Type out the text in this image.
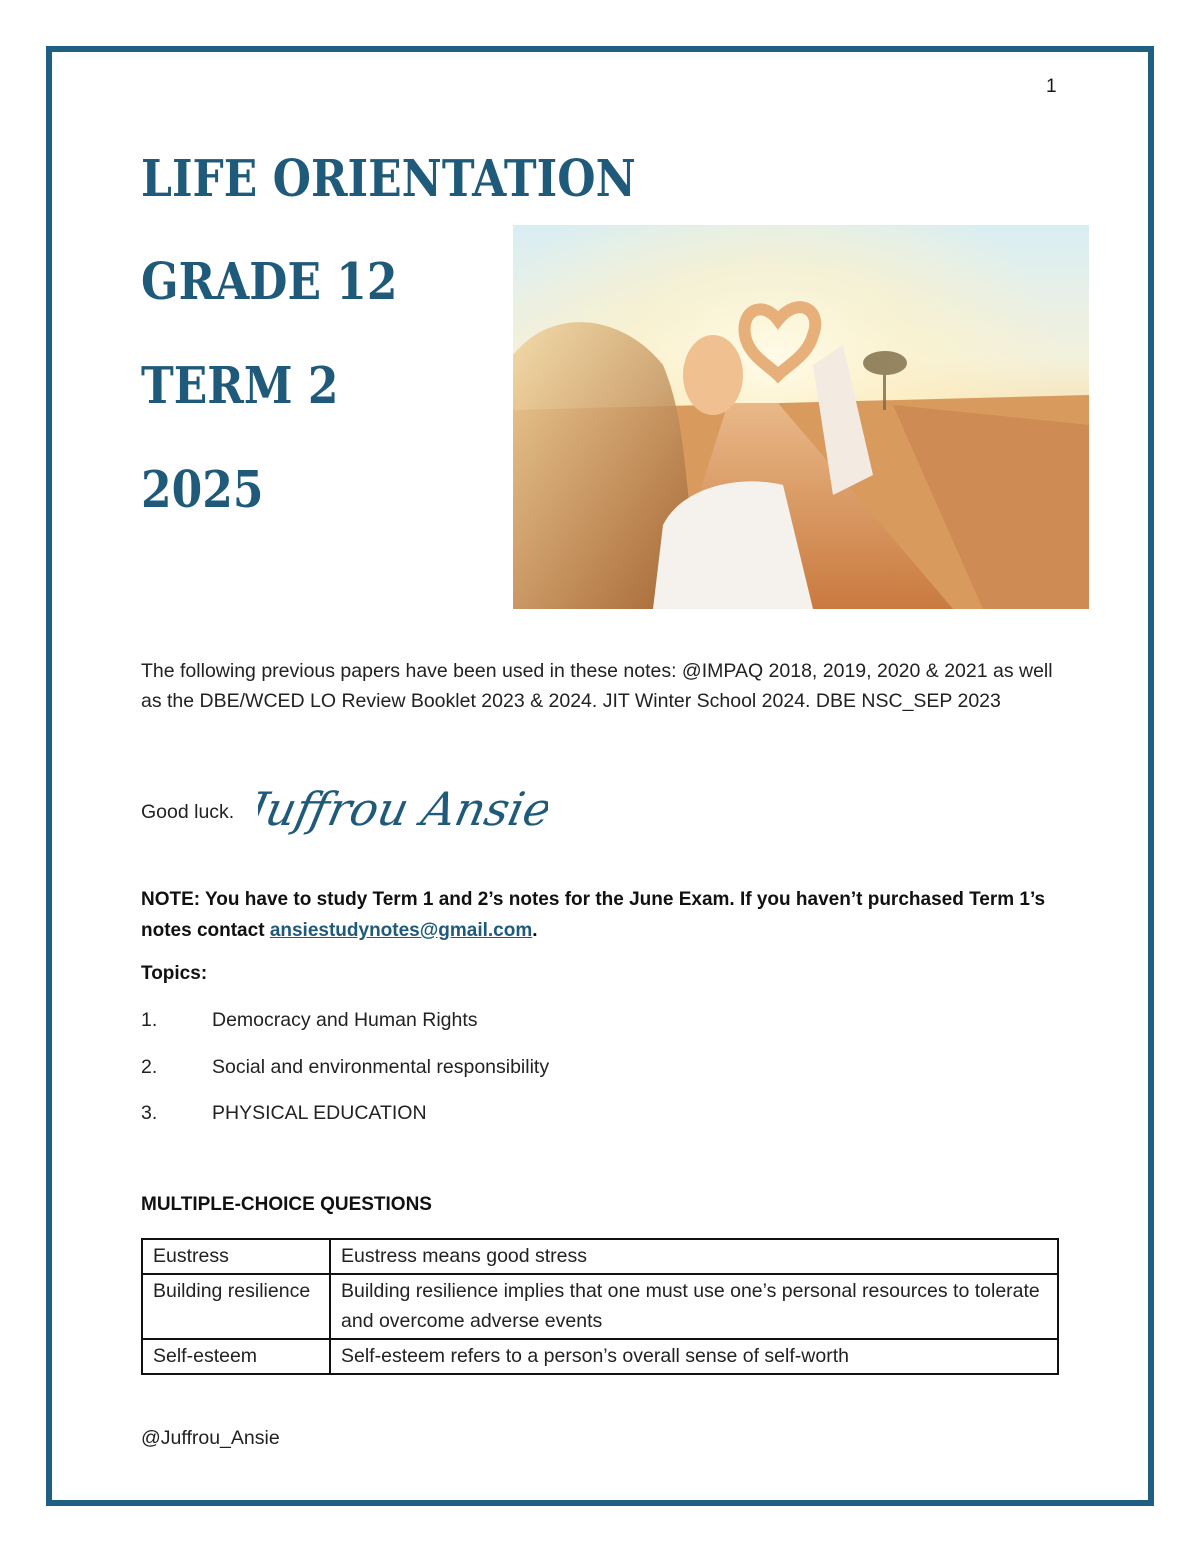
1
LIFE ORIENTATION
GRADE 12
TERM 2
2025
The following previous papers have been used in these notes: @IMPAQ 2018, 2019, 2020 & 2021 as well as the DBE/WCED LO Review Booklet 2023 & 2024. JIT Winter School 2024. DBE NSC_SEP 2023
Good luck. Juffrou Ansie
NOTE: You have to study Term 1 and 2’s notes for the June Exam. If you haven’t purchased Term 1’s notes contact ansiestudynotes@gmail.com.
Topics:
1.	Democracy and Human Rights
2.	Social and environmental responsibility
3.	PHYSICAL EDUCATION
MULTIPLE-CHOICE QUESTIONS
Eustress	Eustress means good stress
Building resilience	Building resilience implies that one must use one’s personal resources to tolerate and overcome adverse events
Self-esteem	Self-esteem refers to a person’s overall sense of self-worth
@Juffrou_Ansie
